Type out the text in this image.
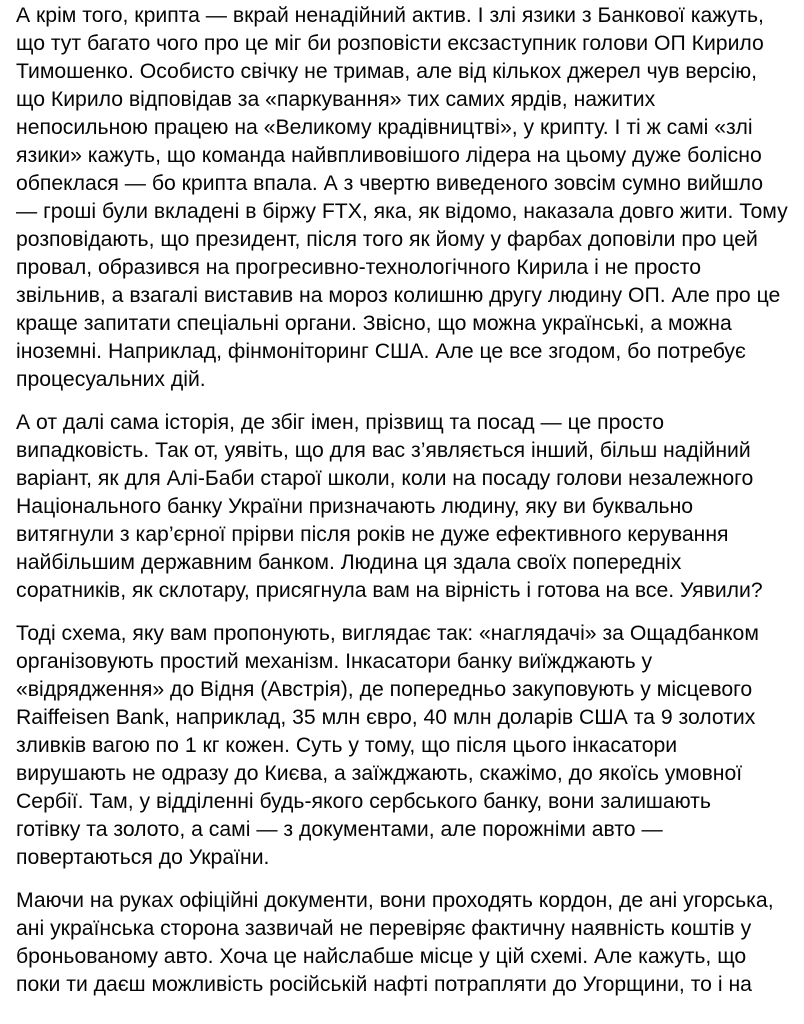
А крім того, крипта — вкрай ненадійний актив. І злі язики з Банкової кажуть,
що тут багато чого про це міг би розповісти ексзаступник голови ОП Кирило
Тимошенко. Особисто свічку не тримав, але від кількох джерел чув версію,
що Кирило відповідав за «паркування» тих самих ярдів, нажитих
непосильною працею на «Великому крадівництві», у крипту. І ті ж самі «злі
язики» кажуть, що команда найвпливовішого лідера на цьому дуже болісно
обпеклася — бо крипта впала. А з чвертю виведеного зовсім сумно вийшло
— гроші були вкладені в біржу FTX, яка, як відомо, наказала довго жити. Тому
розповідають, що президент, після того як йому у фарбах доповіли про цей
провал, образився на прогресивно-технологічного Кирила і не просто
звільнив, а взагалі виставив на мороз колишню другу людину ОП. Але про це
краще запитати спеціальні органи. Звісно, що можна українські, а можна
іноземні. Наприклад, фінмоніторинг США. Але це все згодом, бо потребує
процесуальних дій.

А от далі сама історія, де збіг імен, прізвищ та посад — це просто
випадковість. Так от, уявіть, що для вас з’являється інший, більш надійний
варіант, як для Алі-Баби старої школи, коли на посаду голови незалежного
Національного банку України призначають людину, яку ви буквально
витягнули з кар’єрної прірви після років не дуже ефективного керування
найбільшим державним банком. Людина ця здала своїх попередніх
соратників, як склотару, присягнула вам на вірність і готова на все. Уявили?

Тоді схема, яку вам пропонують, виглядає так: «наглядачі» за Ощадбанком
організовують простий механізм. Інкасатори банку виїжджають у
«відрядження» до Відня (Австрія), де попередньо закуповують у місцевого
Raiffeisen Bank, наприклад, 35 млн євро, 40 млн доларів США та 9 золотих
зливків вагою по 1 кг кожен. Суть у тому, що після цього інкасатори
вирушають не одразу до Києва, а заїжджають, скажімо, до якоїсь умовної
Сербії. Там, у відділенні будь-якого сербського банку, вони залишають
готівку та золото, а самі — з документами, але порожніми авто —
повертаються до України.

Маючи на руках офіційні документи, вони проходять кордон, де ані угорська,
ані українська сторона зазвичай не перевіряє фактичну наявність коштів у
броньованому авто. Хоча це найслабше місце у цій схемі. Але кажуть, що
поки ти даєш можливість російській нафті потрапляти до Угорщини, то і на
